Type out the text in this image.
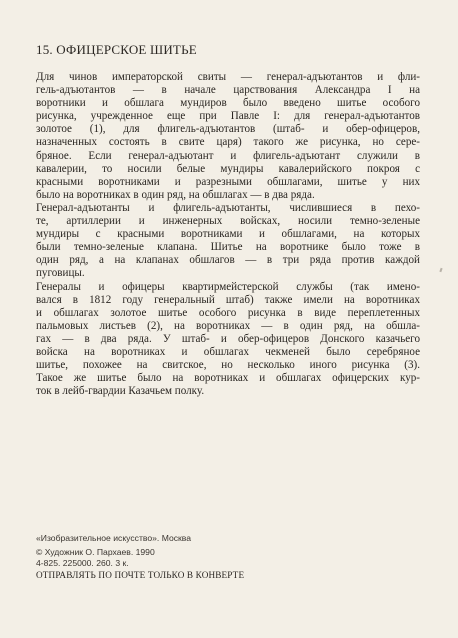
15. ОФИЦЕРСКОЕ ШИТЬЕ
Для чинов императорской свиты — генерал-адъютантов и фли-
гель-адъютантов — в начале царствования Александра I на
воротники и обшлага мундиров было введено шитье особого
рисунка, учрежденное еще при Павле I: для генерал-адъютантов
золотое (1), для флигель-адъютантов (штаб- и обер-офицеров,
назначенных состоять в свите царя) такого же рисунка, но сере-
бряное. Если генерал-адъютант и флигель-адъютант служили в
кавалерии, то носили белые мундиры кавалерийского покроя с
красными воротниками и разрезными обшлагами, шитье у них
было на воротниках в один ряд, на обшлагах — в два ряда.
Генерал-адъютанты и флигель-адъютанты, числившиеся в пехо-
те, артиллерии и инженерных войсках, носили темно-зеленые
мундиры с красными воротниками и обшлагами, на которых
были темно-зеленые клапана. Шитье на воротнике было тоже в
один ряд, а на клапанах обшлагов — в три ряда против каждой
пуговицы.
Генералы и офицеры квартирмейстерской службы (так имено-
вался в 1812 году генеральный штаб) также имели на воротниках
и обшлагах золотое шитье особого рисунка в виде переплетенных
пальмовых листьев (2), на воротниках — в один ряд, на обшла-
гах — в два ряда. У штаб- и обер-офицеров Донского казачьего
войска на воротниках и обшлагах чекменей было серебряное
шитье, похожее на свитское, но несколько иного рисунка (3).
Такое же шитье было на воротниках и обшлагах офицерских кур-
ток в лейб-гвардии Казачьем полку.
«Изобразительное искусство». Москва
© Художник О. Пархаев. 1990
4-825. 225000. 260. 3 к.
ОТПРАВЛЯТЬ ПО ПОЧТЕ ТОЛЬКО В КОНВЕРТЕ
